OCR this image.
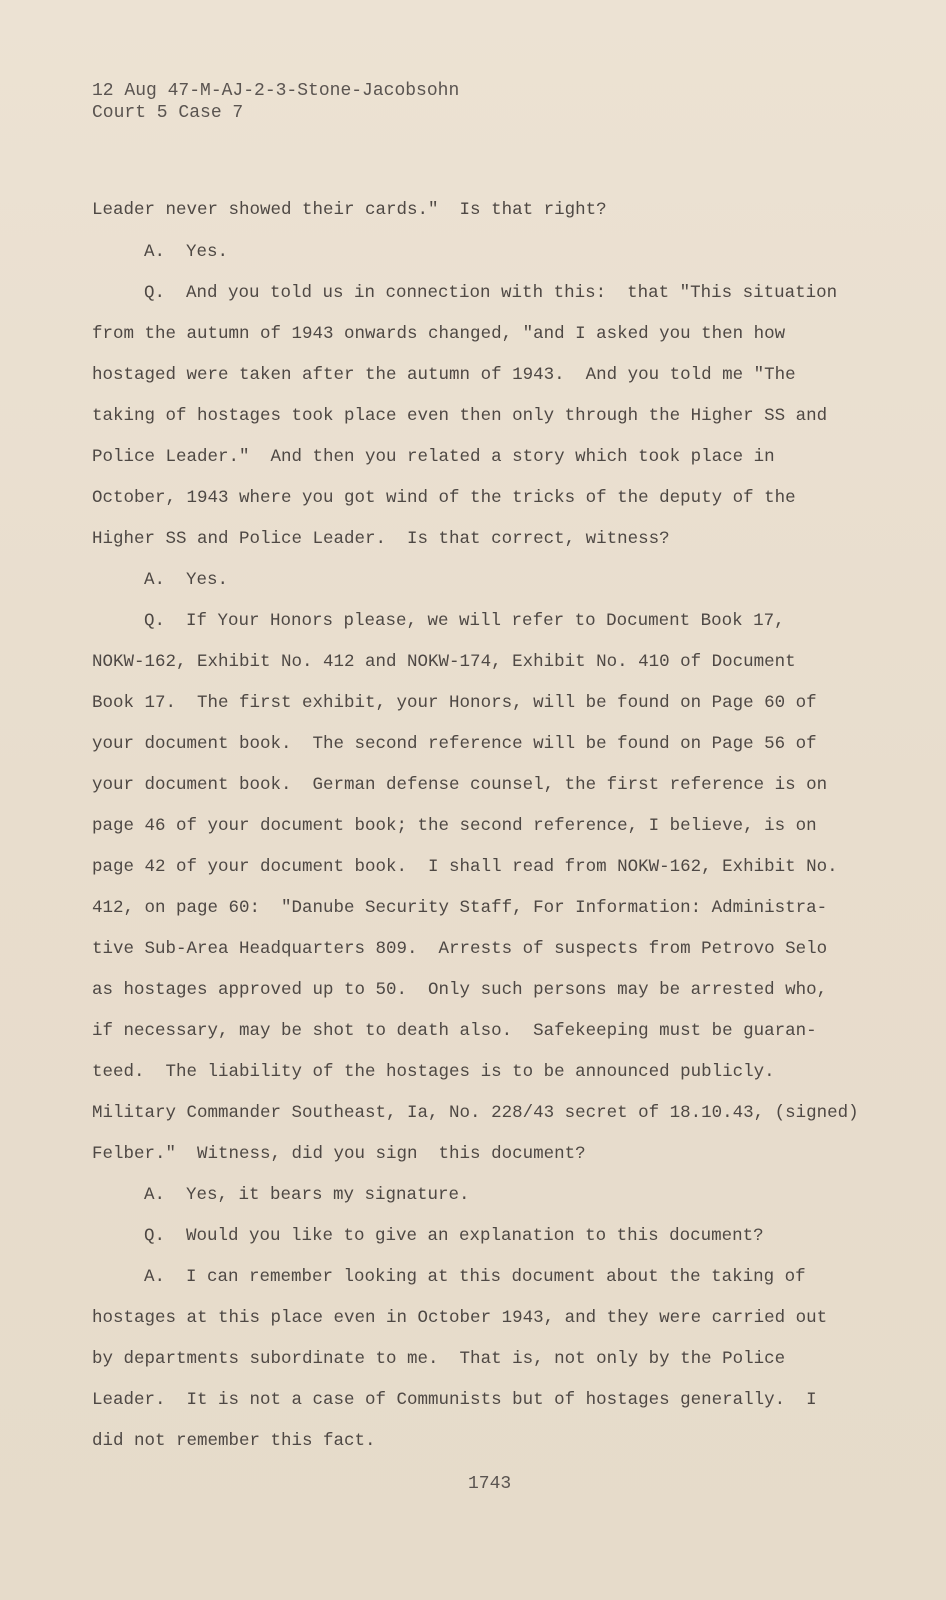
12 Aug 47-M-AJ-2-3-Stone-Jacobsohn
Court 5 Case 7
Leader never showed their cards."  Is that right?
A.  Yes.
Q.  And you told us in connection with this:  that "This situation
from the autumn of 1943 onwards changed, "and I asked you then how
hostaged were taken after the autumn of 1943.  And you told me "The
taking of hostages took place even then only through the Higher SS and
Police Leader."  And then you related a story which took place in
October, 1943 where you got wind of the tricks of the deputy of the
Higher SS and Police Leader.  Is that correct, witness?
A.  Yes.
Q.  If Your Honors please, we will refer to Document Book 17,
NOKW-162, Exhibit No. 412 and NOKW-174, Exhibit No. 410 of Document
Book 17.  The first exhibit, your Honors, will be found on Page 60 of
your document book.  The second reference will be found on Page 56 of
your document book.  German defense counsel, the first reference is on
page 46 of your document book; the second reference, I believe, is on
page 42 of your document book.  I shall read from NOKW-162, Exhibit No.
412, on page 60:  "Danube Security Staff, For Information: Administra-
tive Sub-Area Headquarters 809.  Arrests of suspects from Petrovo Selo
as hostages approved up to 50.  Only such persons may be arrested who,
if necessary, may be shot to death also.  Safekeeping must be guaran-
teed.  The liability of the hostages is to be announced publicly.
Military Commander Southeast, Ia, No. 228/43 secret of 18.10.43, (signed)
Felber."  Witness, did you sign  this document?
A.  Yes, it bears my signature.
Q.  Would you like to give an explanation to this document?
A.  I can remember looking at this document about the taking of
hostages at this place even in October 1943, and they were carried out
by departments subordinate to me.  That is, not only by the Police
Leader.  It is not a case of Communists but of hostages generally.  I
did not remember this fact.
1743
